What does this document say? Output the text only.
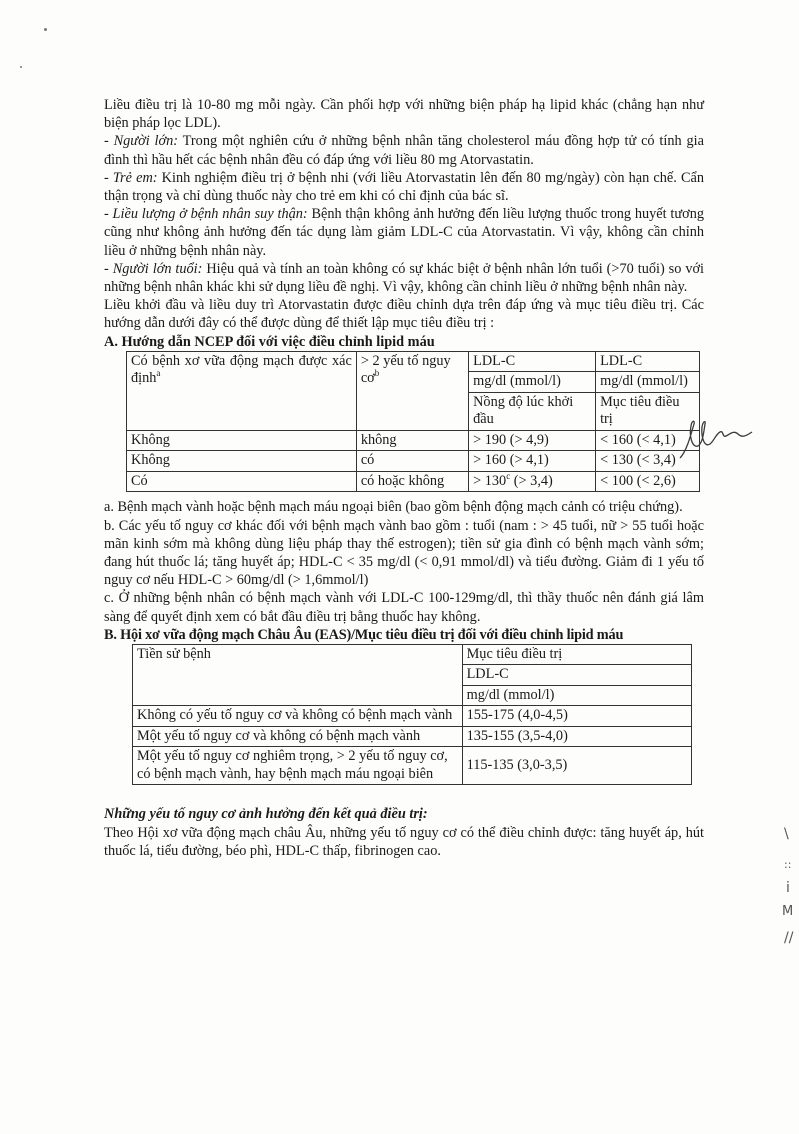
Liều điều trị là 10-80 mg mỗi ngày. Cần phối hợp với những biện pháp hạ lipid khác (chẳng hạn như biện pháp lọc LDL).

- Người lớn: Trong một nghiên cứu ở những bệnh nhân tăng cholesterol máu đồng hợp tử có tính gia đình thì hầu hết các bệnh nhân đều có đáp ứng với liều 80 mg Atorvastatin.

- Trẻ em: Kinh nghiệm điều trị ở bệnh nhi (với liều Atorvastatin lên đến 80 mg/ngày) còn hạn chế. Cẩn thận trọng và chỉ dùng thuốc này cho trẻ em khi có chỉ định của bác sĩ.

- Liều lượng ở bệnh nhân suy thận: Bệnh thận không ảnh hưởng đến liều lượng thuốc trong huyết tương cũng như không ảnh hưởng đến tác dụng làm giảm LDL-C của Atorvastatin. Vì vậy, không cần chỉnh liều ở những bệnh nhân này.

- Người lớn tuổi: Hiệu quả và tính an toàn không có sự khác biệt ở bệnh nhân lớn tuổi (>70 tuổi) so với những bệnh nhân khác khi sử dụng liều đề nghị. Vì vậy, không cần chỉnh liều ở những bệnh nhân này.

Liều khởi đầu và liều duy trì Atorvastatin được điều chỉnh dựa trên đáp ứng và mục tiêu điều trị. Các hướng dẫn dưới đây có thể được dùng để thiết lập mục tiêu điều trị :

A. Hướng dẫn NCEP đối với việc điều chỉnh lipid máu

Có bệnh xơ vữa động mạch được xác định$^a$	> 2 yếu tố nguy $cơ^b$	LDL-C	LDL-C
		mg/dl (mmol/l)	mg/dl (mmol/l)
		Nồng độ lúc khởi đầu	Mục tiêu điều trị
Không	không	> 190 (> 4,9)	< 160 (< 4,1)
Không	có	> 160 (> 4,1)	< 130 (< 3,4)
Có	có hoặc không	> $130^c$ (> 3,4)	< 100 (< 2,6)

a. Bệnh mạch vành hoặc bệnh mạch máu ngoại biên (bao gồm bệnh động mạch cảnh có triệu chứng).

b. Các yếu tố nguy cơ khác đối với bệnh mạch vành bao gồm : tuổi (nam : > 45 tuổi, nữ > 55 tuổi hoặc mãn kinh sớm mà không dùng liệu pháp thay thế estrogen); tiền sử gia đình có bệnh mạch vành sớm; đang hút thuốc lá; tăng huyết áp; HDL-C < 35 mg/dl (< 0,91 mmol/dl) và tiểu đường. Giảm đi 1 yếu tố nguy cơ nếu HDL-C > 60mg/dl (> 1,6mmol/l)

c. Ở những bệnh nhân có bệnh mạch vành với LDL-C 100-129mg/dl, thì thầy thuốc nên đánh giá lâm sàng để quyết định xem có bắt đầu điều trị bằng thuốc hay không.

B. Hội xơ vữa động mạch Châu Âu (EAS)/Mục tiêu điều trị đối với điều chỉnh lipid máu

Tiền sử bệnh	Mục tiêu điều trị
	LDL-C
	mg/dl (mmol/l)
Không có yếu tố nguy cơ và không có bệnh mạch vành	155-175 (4,0-4,5)
Một yếu tố nguy cơ và không có bệnh mạch vành	135-155 (3,5-4,0)
Một yếu tố nguy cơ nghiêm trọng, > 2 yếu tố nguy cơ, có bệnh mạch vành, hay bệnh mạch máu ngoại biên	115-135 (3,0-3,5)

Những yếu tố nguy cơ ảnh hưởng đến kết quả điều trị:

Theo Hội xơ vữa động mạch châu Âu, những yếu tố nguy cơ có thể điều chỉnh được: tăng huyết áp, hút thuốc lá, tiểu đường, béo phì, HDL-C thấp, fibrinogen cao.

\
::
i
M
//
